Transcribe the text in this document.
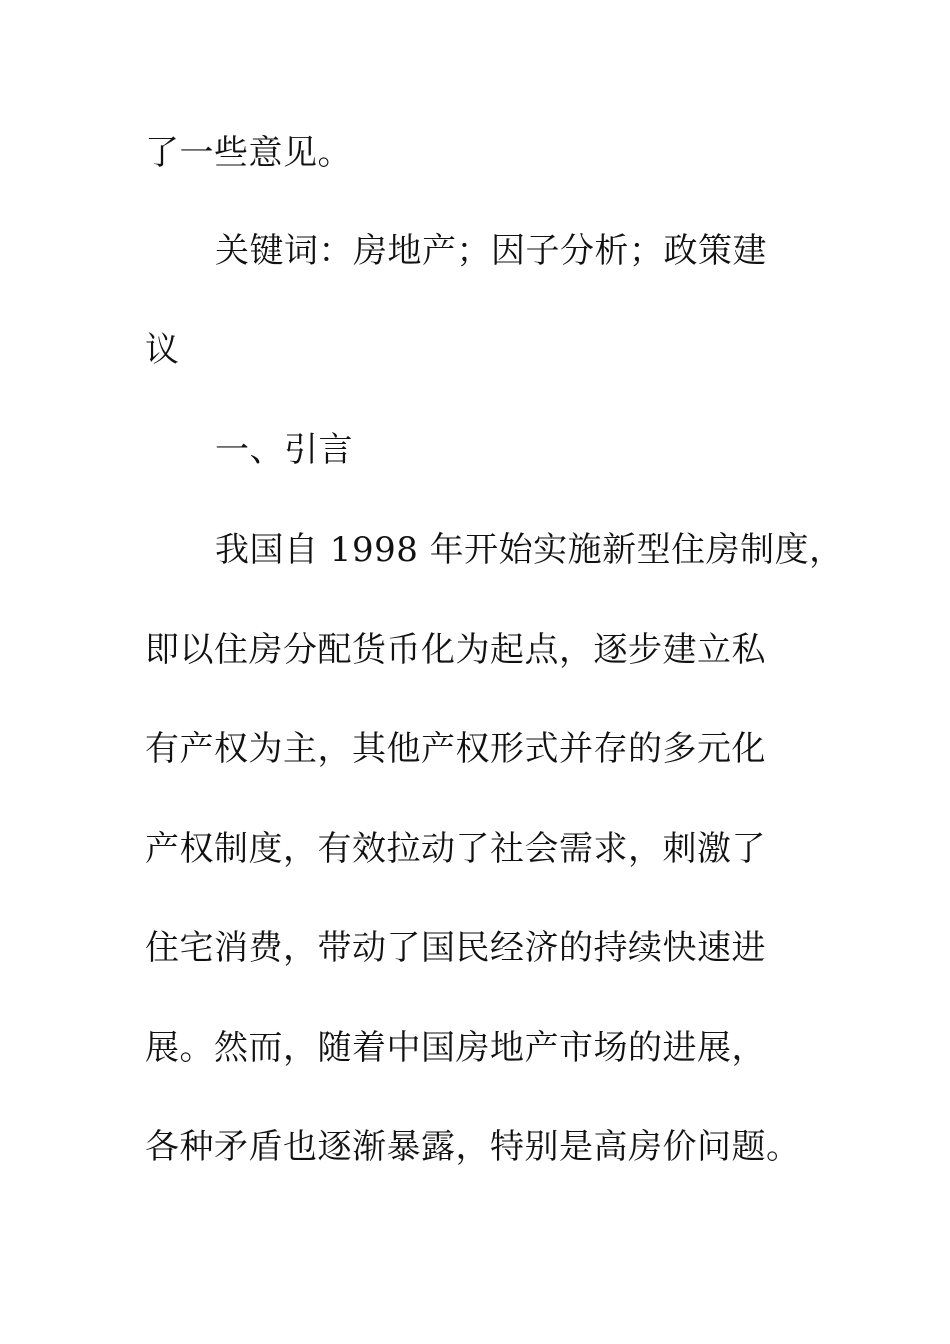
了一些意见。
关键词：房地产；因子分析；政策建
议
一、引言
我国自 1998 年开始实施新型住房制度，
即以住房分配货币化为起点，逐步建立私
有产权为主，其他产权形式并存的多元化
产权制度，有效拉动了社会需求，刺激了
住宅消费，带动了国民经济的持续快速进
展。然而，随着中国房地产市场的进展，
各种矛盾也逐渐暴露，特别是高房价问题。
